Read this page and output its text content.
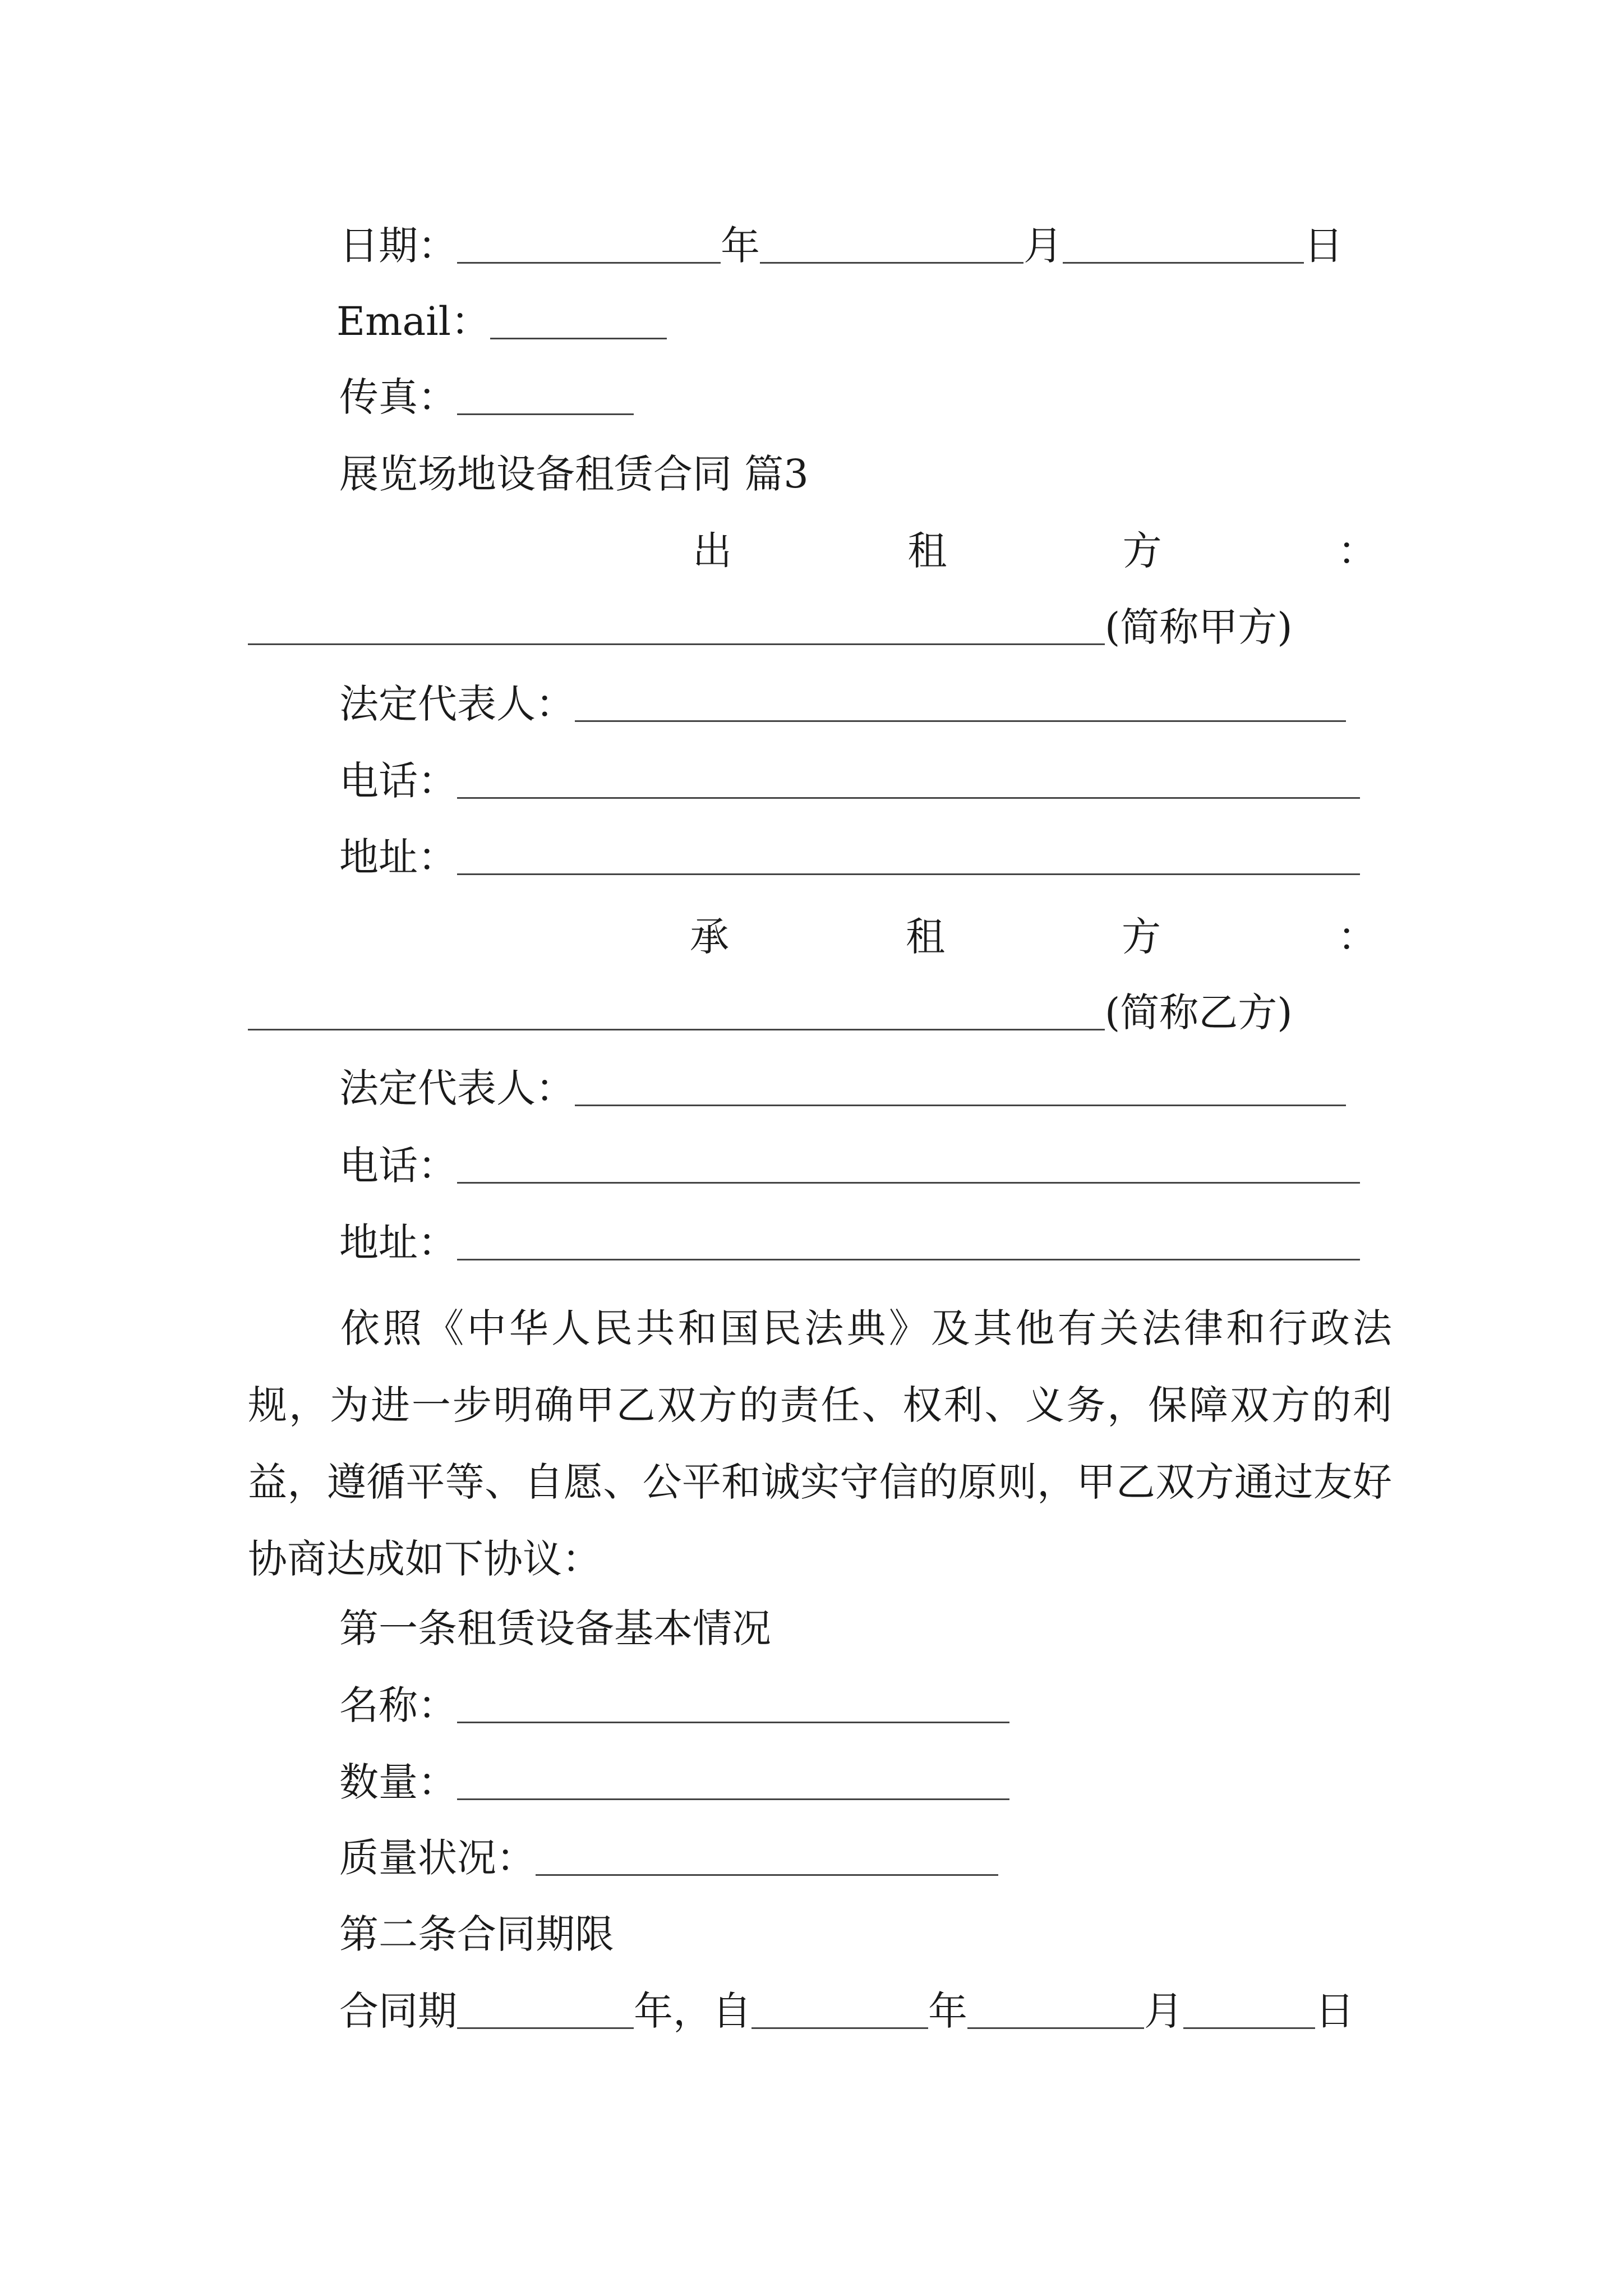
日期：	年	月	日
Email：
传真：
展览场地设备租赁合同 篇3
出	租	方	：
(简称甲方)
法定代表人：
电话：
地址：
承	租	方	：
(简称乙方)
法定代表人：
电话：
地址：
依照《中华人民共和国民法典》及其他有关法律和行政法规，为进一步明确甲乙双方的责任、权利、义务，保障双方的利益，遵循平等、自愿、公平和诚实守信的原则，甲乙双方通过友好协商达成如下协议：
第一条租赁设备基本情况
名称：
数量：
质量状况：
第二条合同期限
合同期	年，自	年	月	日
